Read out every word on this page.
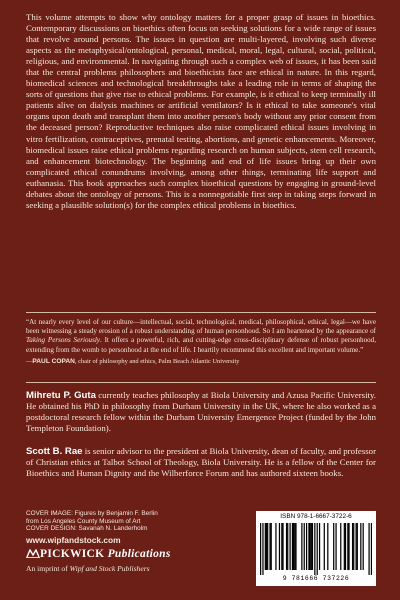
This volume attempts to show why ontology matters for a proper grasp of issues in bioethics. Contemporary discussions on bioethics often focus on seeking solutions for a wide range of issues that revolve around persons. The issues in question are multi-layered, involving such diverse aspects as the metaphysical/ontological, personal, medical, moral, legal, cultural, social, political, religious, and environmental. In navigating through such a complex web of issues, it has been said that the central problems philosophers and bioethicists face are ethical in nature. In this regard, biomedical sciences and technological breakthroughs take a leading role in terms of shaping the sorts of questions that give rise to ethical problems. For example, is it ethical to keep terminally ill patients alive on dialysis machines or artificial ventilators? Is it ethical to take someone's vital organs upon death and transplant them into another person's body without any prior consent from the deceased person? Reproductive techniques also raise complicated ethical issues involving in vitro fertilization, contraceptives, prenatal testing, abortions, and genetic enhancements. Moreover, biomedical issues raise ethical problems regarding research on human subjects, stem cell research, and enhancement biotechnology. The beginning and end of life issues bring up their own complicated ethical conundrums involving, among other things, terminating life support and euthanasia. This book approaches such complex bioethical questions by engaging in ground-level debates about the ontology of persons. This is a nonnegotiable first step in taking steps forward in seeking a plausible solution(s) for the complex ethical problems in bioethics.

“At nearly every level of our culture—intellectual, social, technological, medical, philosophical, ethical, legal—we have been witnessing a steady erosion of a robust understanding of human personhood. So I am heartened by the appearance of Taking Persons Seriously. It offers a powerful, rich, and cutting-edge cross-disciplinary defense of robust personhood, extending from the womb to personhood at the end of life. I heartily recommend this excellent and important volume.”

—PAUL COPAN, chair of philosophy and ethics, Palm Beach Atlantic University

Mihretu P. Guta currently teaches philosophy at Biola University and Azusa Pacific University. He obtained his PhD in philosophy from Durham University in the UK, where he also worked as a postdoctoral research fellow within the Durham University Emergence Project (funded by the John Templeton Foundation).

Scott B. Rae is senior advisor to the president at Biola University, dean of faculty, and professor of Christian ethics at Talbot School of Theology, Biola University. He is a fellow of the Center for Bioethics and Human Dignity and the Wilberforce Forum and has authored sixteen books.

COVER IMAGE: Figures by Benjamin F. Berlin
from Los Angeles County Museum of Art
COVER DESIGN: Savanah N. Landerholm
www.wipfandstock.com
PICKWICK Publications
An imprint of Wipf and Stock Publishers
ISBN 978-1-6667-3722-6
9 781666 737226
